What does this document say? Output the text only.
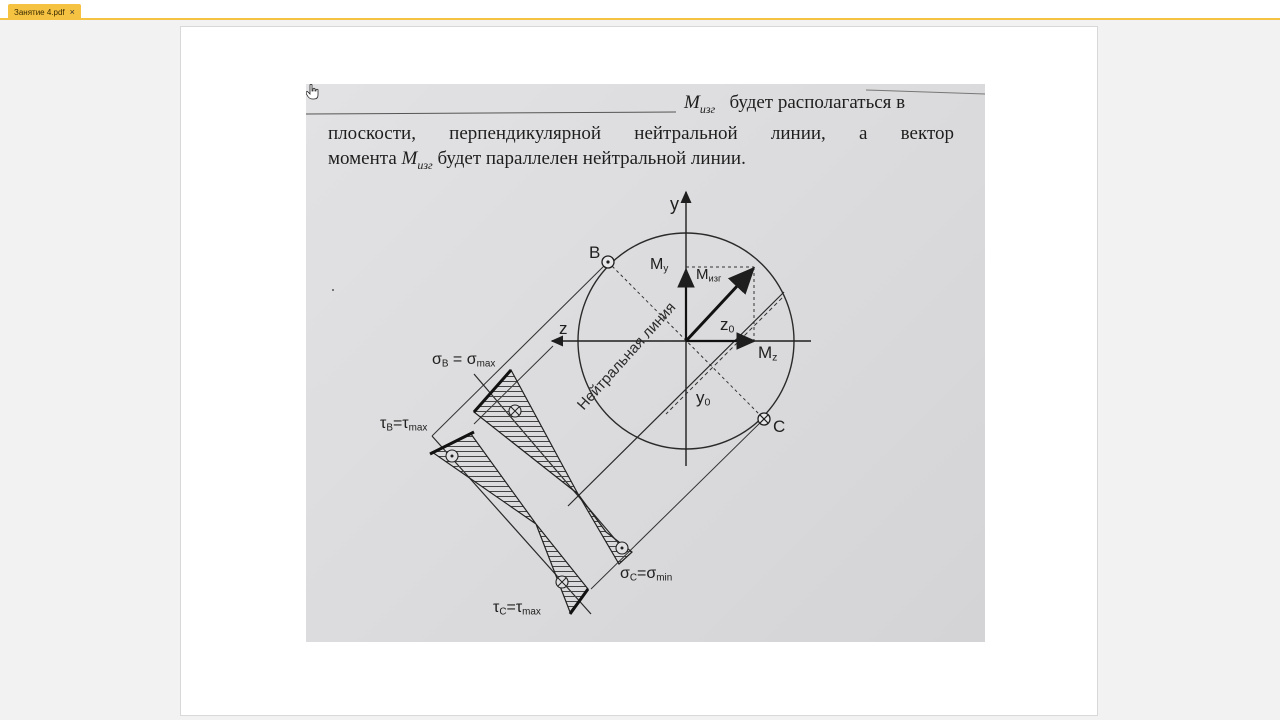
Занятие 4.pdf ×
$M_{изг}$ будет располагаться в
плоскости, перпендикулярной нейтральной линии, а вектор
момента $M_{изг}$ будет параллелен нейтральной линии.
y
z
B
C
$M_y$ $M_{изг}$
$M_z$
$z_0$
$y_0$
Нейтральная линия
$\sigma_B = \sigma_{max}$
$\tau_B=\tau_{max}$
$\sigma_C=\sigma_{min}$
$\tau_C=\tau_{max}$
